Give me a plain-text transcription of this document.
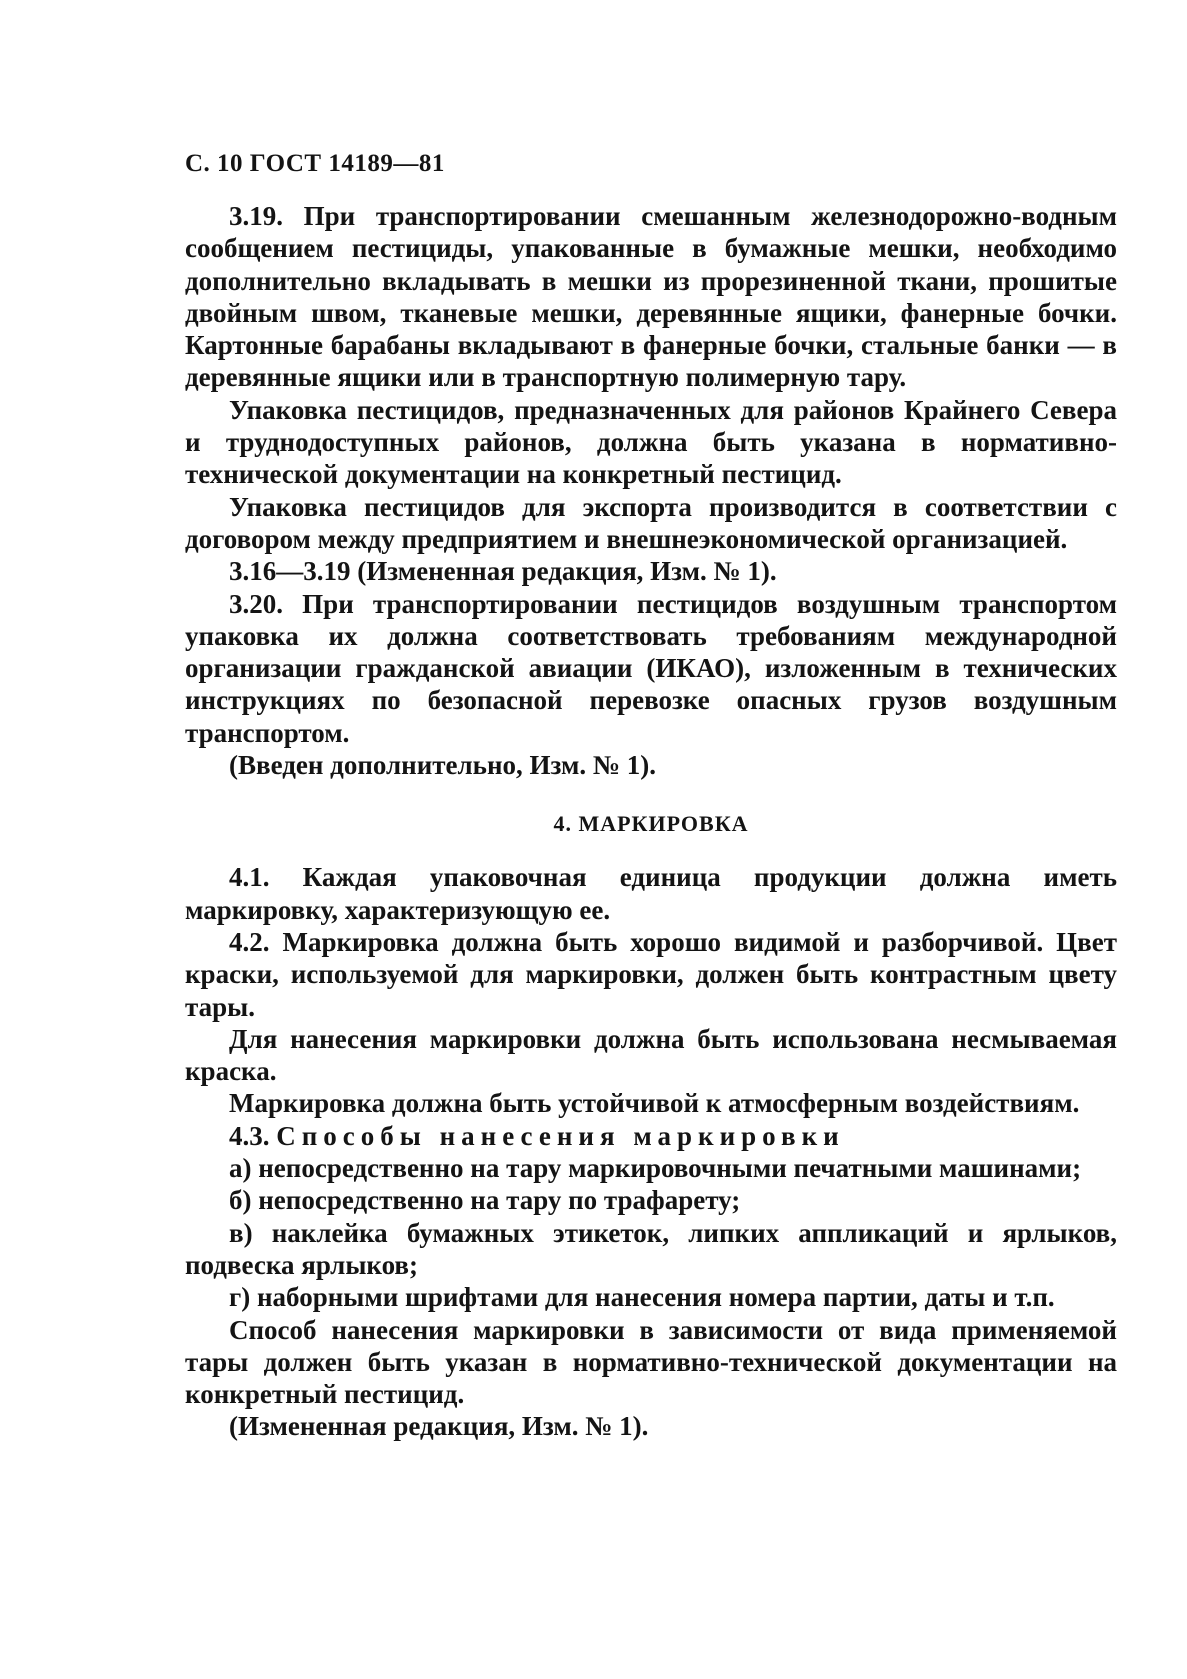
С. 10 ГОСТ 14189—81

3.19. При транспортировании смешанным железнодорожно-водным сообщением пестициды, упакованные в бумажные мешки, необходимо дополнительно вкладывать в мешки из прорезиненной ткани, прошитые двойным швом, тканевые мешки, деревянные ящики, фанерные бочки. Картонные барабаны вкладывают в фанерные бочки, стальные банки — в деревянные ящики или в транспортную полимерную тару.

Упаковка пестицидов, предназначенных для районов Крайнего Севера и труднодоступных районов, должна быть указана в нормативно-технической документации на конкретный пестицид.

Упаковка пестицидов для экспорта производится в соответствии с договором между предприятием и внешнеэкономической организацией.

3.16—3.19 (Измененная редакция, Изм. № 1).

3.20. При транспортировании пестицидов воздушным транспортом упаковка их должна соответствовать требованиям международной организации гражданской авиации (ИКАО), изложенным в технических инструкциях по безопасной перевозке опасных грузов воздушным транспортом.

(Введен дополнительно, Изм. № 1).

4. МАРКИРОВКА

4.1. Каждая упаковочная единица продукции должна иметь маркировку, характеризующую ее.

4.2. Маркировка должна быть хорошо видимой и разборчивой. Цвет краски, используемой для маркировки, должен быть контрастным цвету тары.

Для нанесения маркировки должна быть использована несмываемая краска.

Маркировка должна быть устойчивой к атмосферным воздействиям.

4.3. Способы нанесения маркировки

а) непосредственно на тару маркировочными печатными машинами;

б) непосредственно на тару по трафарету;

в) наклейка бумажных этикеток, липких аппликаций и ярлыков, подвеска ярлыков;

г) наборными шрифтами для нанесения номера партии, даты и т.п.

Способ нанесения маркировки в зависимости от вида применяемой тары должен быть указан в нормативно-технической документации на конкретный пестицид.

(Измененная редакция, Изм. № 1).
